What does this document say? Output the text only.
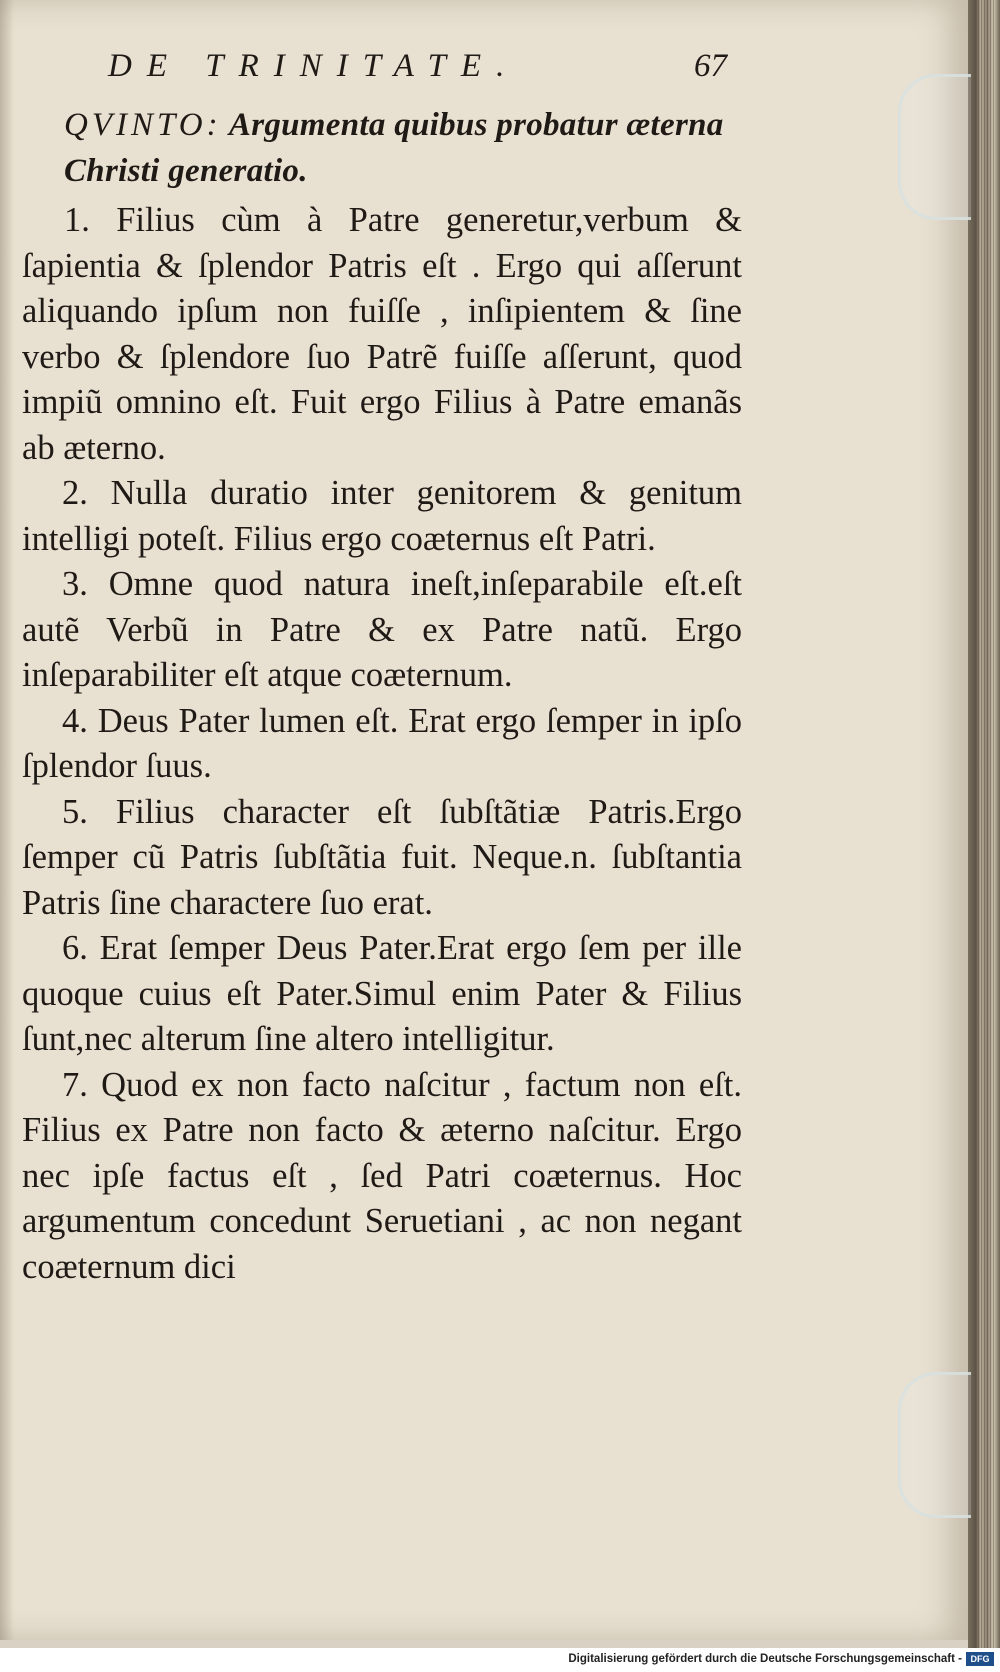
DE TRINITATE.	67
QVINTO: Argumenta quibus probatur æterna Christi generatio.

1. Filius cùm à Patre generetur,verbum & ſapientia & ſplendor Patris eſt . Ergo qui aſſerunt aliquando ipſum non fuiſſe , inſipientem & ſine verbo & ſplendore ſuo Patrẽ fuiſſe aſſerunt, quod impiũ omnino eſt. Fuit ergo Filius à Patre emanãs ab æterno.

2. Nulla duratio inter genitorem & genitum intelligi poteſt. Filius ergo coæternus eſt Patri.

3. Omne quod natura ineſt,inſeparabile eſt.eſt autẽ Verbũ in Patre & ex Patre natũ. Ergo inſeparabiliter eſt atque coæternum.

4. Deus Pater lumen eſt. Erat ergo ſemper in ipſo ſplendor ſuus.

5. Filius character eſt ſubſtãtiæ Patris.Ergo ſemper cũ Patris ſubſtãtia fuit. Neque.n. ſubſtantia Patris ſine charactere ſuo erat.

6. Erat ſemper Deus Pater.Erat ergo ſem per ille quoque cuius eſt Pater.Simul enim Pater & Filius ſunt,nec alterum ſine altero intelligitur.

7. Quod ex non facto naſcitur , factum non eſt. Filius ex Patre non facto & æterno naſcitur. Ergo nec ipſe factus eſt , ſed Patri coæternus. Hoc argumentum concedunt Seruetiani , ac non negant coæternum dici

Digitalisierung gefördert durch die Deutsche Forschungsgemeinschaft - DFG
